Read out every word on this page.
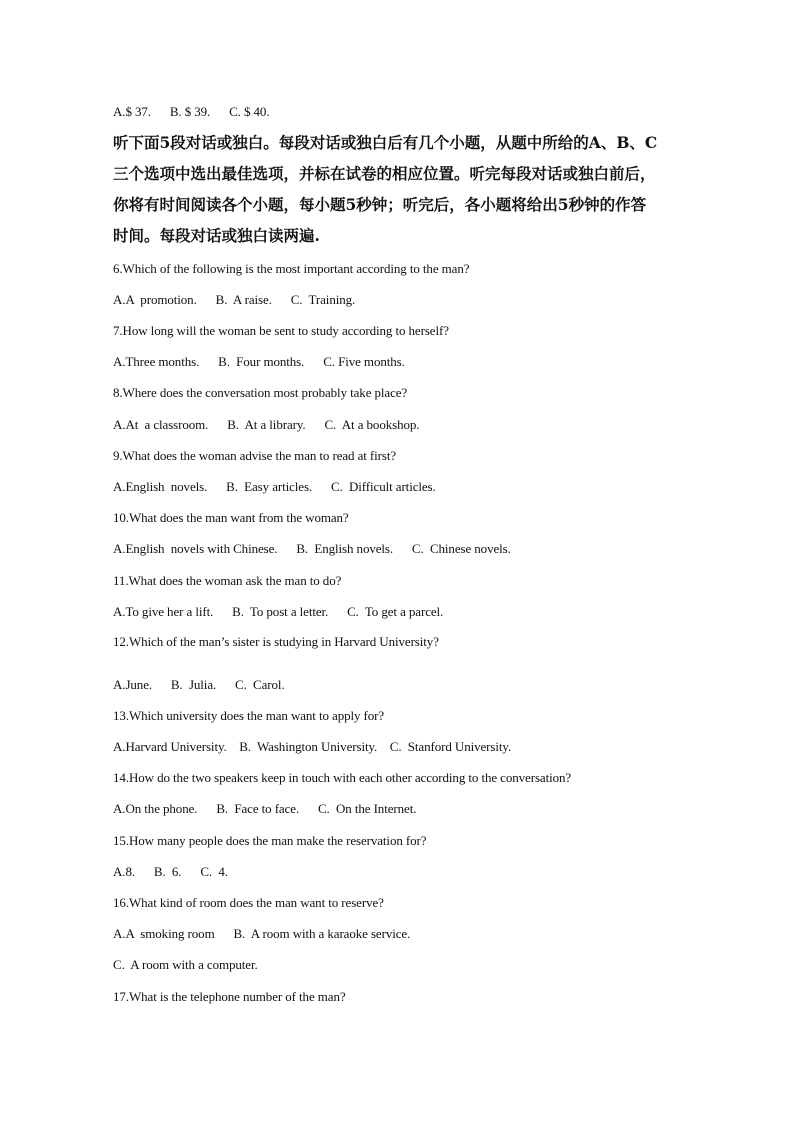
A.$ 37.      B. $ 39.      C. $ 40.
听下面5段对话或独白。每段对话或独白后有几个小题，从题中所给的A、B、C
三个选项中选出最佳选项，并标在试卷的相应位置。听完每段对话或独白前后，
你将有时间阅读各个小题，每小题5秒钟；听完后，各小题将给出5秒钟的作答
时间。每段对话或独白读两遍.
6.Which of the following is the most important according to the man?
A.A  promotion.      B.  A raise.      C.  Training.
7.How long will the woman be sent to study according to herself?
A.Three months.      B.  Four months.      C. Five months.
8.Where does the conversation most probably take place?
A.At  a classroom.      B.  At a library.      C.  At a bookshop.
9.What does the woman advise the man to read at first?
A.English  novels.      B.  Easy articles.      C.  Difficult articles.
10.What does the man want from the woman?
A.English  novels with Chinese.      B.  English novels.      C.  Chinese novels.
11.What does the woman ask the man to do?
A.To give her a lift.      B.  To post a letter.      C.  To get a parcel.
12.Which of the man’s sister is studying in Harvard University?
A.June.      B.  Julia.      C.  Carol.
13.Which university does the man want to apply for?
A.Harvard University.    B.  Washington University.    C.  Stanford University.
14.How do the two speakers keep in touch with each other according to the conversation?
A.On the phone.      B.  Face to face.      C.  On the Internet.
15.How many people does the man make the reservation for?
A.8.      B.  6.      C.  4.
16.What kind of room does the man want to reserve?
A.A  smoking room      B.  A room with a karaoke service.
C.  A room with a computer.
17.What is the telephone number of the man?
